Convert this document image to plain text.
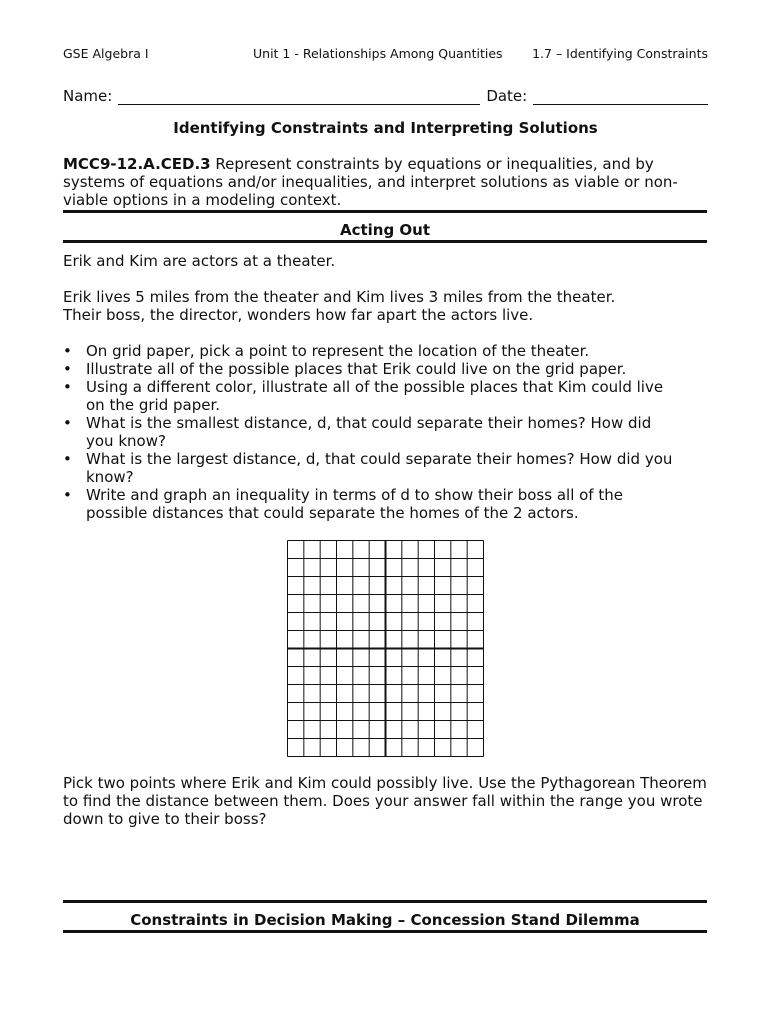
GSE Algebra I	Unit 1 - Relationships Among Quantities 1.7 – Identifying Constraints
Name:	Date:
Identifying Constraints and Interpreting Solutions
MCC9-12.A.CED.3 Represent constraints by equations or inequalities, and by systems of equations and/or inequalities, and interpret solutions as viable or non-viable options in a modeling context.
Acting Out
Erik and Kim are actors at a theater.
Erik lives 5 miles from the theater and Kim lives 3 miles from the theater.
Their boss, the director, wonders how far apart the actors live.
• On grid paper, pick a point to represent the location of the theater.
• Illustrate all of the possible places that Erik could live on the grid paper.
• Using a different color, illustrate all of the possible places that Kim could live on the grid paper.
• What is the smallest distance, d, that could separate their homes? How did you know?
• What is the largest distance, d, that could separate their homes? How did you know?
• Write and graph an inequality in terms of d to show their boss all of the possible distances that could separate the homes of the 2 actors.
Pick two points where Erik and Kim could possibly live. Use the Pythagorean Theorem to find the distance between them. Does your answer fall within the range you wrote down to give to their boss?
Constraints in Decision Making – Concession Stand Dilemma
